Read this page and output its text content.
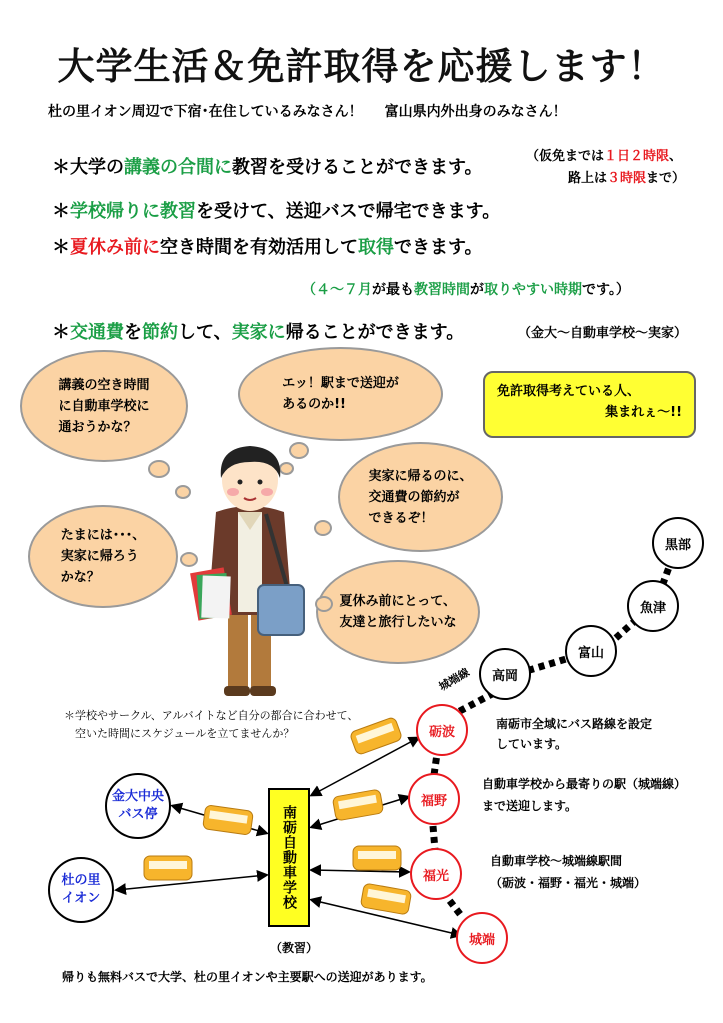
大学生活＆免許取得を応援します！
杜の里イオン周辺で下宿･在住しているみなさん！ 富山県内外出身のみなさん！
＊大学の講義の合間に教習を受けることができます。
（仮免までは１日２時限、
路上は３時限まで）
＊学校帰りに教習を受けて、送迎バスで帰宅できます。
＊夏休み前に空き時間を有効活用して取得できます。
（４～７月が最も教習時間が取りやすい時期です。）
＊交通費を節約して、実家に帰ることができます。	（金大～自動車学校～実家）
講義の空き時間
に自動車学校に
通おうかな？
エッ！駅まで送迎が
あるのか!!
実家に帰るのに、
交通費の節約が
できるぞ！
たまには･･･、
実家に帰ろう
かな？
夏休み前にとって、
友達と旅行したいな
免許取得考えている人、
集まれぇ～!!
＊学校やサークル、アルバイトなど自分の都合に合わせて、
　空いた時間にスケジュールを立てませんか？
城端線
黒部
魚津
富山
高岡
砺波
福野
福光
城端
金大中央
バス停
杜の里
イオン	南砺自動車学校
（教習）
南砺市全域にバス路線を設定
しています。
自動車学校から最寄りの駅（城端線）
まで送迎します。
自動車学校～城端線駅間
（砺波・福野・福光・城端）
帰りも無料バスで大学、杜の里イオンや主要駅への送迎があります。
